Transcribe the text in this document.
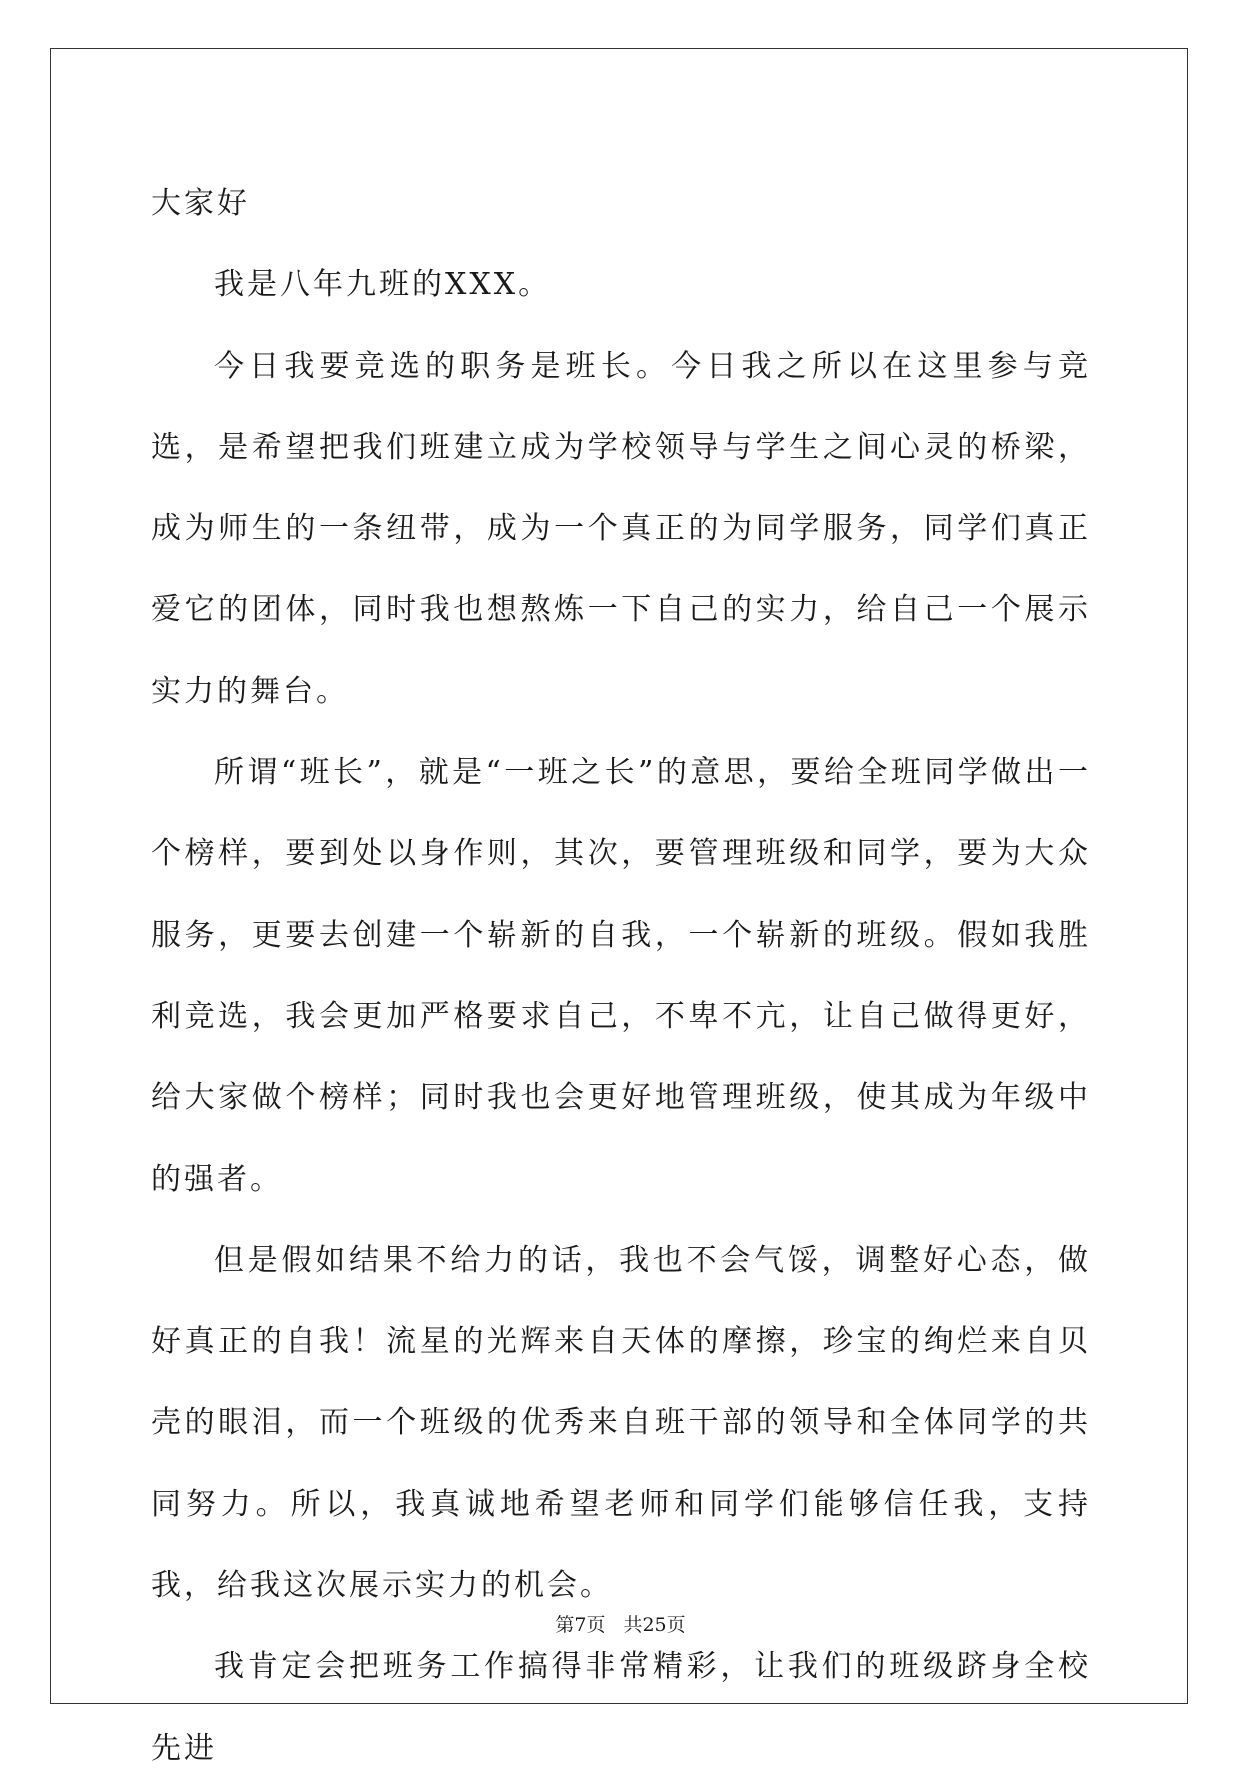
大家好

我是八年九班的XXX。

今日我要竞选的职务是班长。今日我之所以在这里参与竞选，是希望把我们班建立成为学校领导与学生之间心灵的桥梁，成为师生的一条纽带，成为一个真正的为同学服务，同学们真正爱它的团体，同时我也想熬炼一下自己的实力，给自己一个展示实力的舞台。

所谓“班长”，就是“一班之长”的意思，要给全班同学做出一个榜样，要到处以身作则，其次，要管理班级和同学，要为大众服务，更要去创建一个崭新的自我，一个崭新的班级。假如我胜利竞选，我会更加严格要求自己，不卑不亢，让自己做得更好，给大家做个榜样；同时我也会更好地管理班级，使其成为年级中的强者。

但是假如结果不给力的话，我也不会气馁，调整好心态，做好真正的自我！流星的光辉来自天体的摩擦，珍宝的绚烂来自贝壳的眼泪，而一个班级的优秀来自班干部的领导和全体同学的共同努力。所以，我真诚地希望老师和同学们能够信任我，支持我，给我这次展示实力的机会。

我肯定会把班务工作搞得非常精彩，让我们的班级跻身全校先进

第7页 共25页
